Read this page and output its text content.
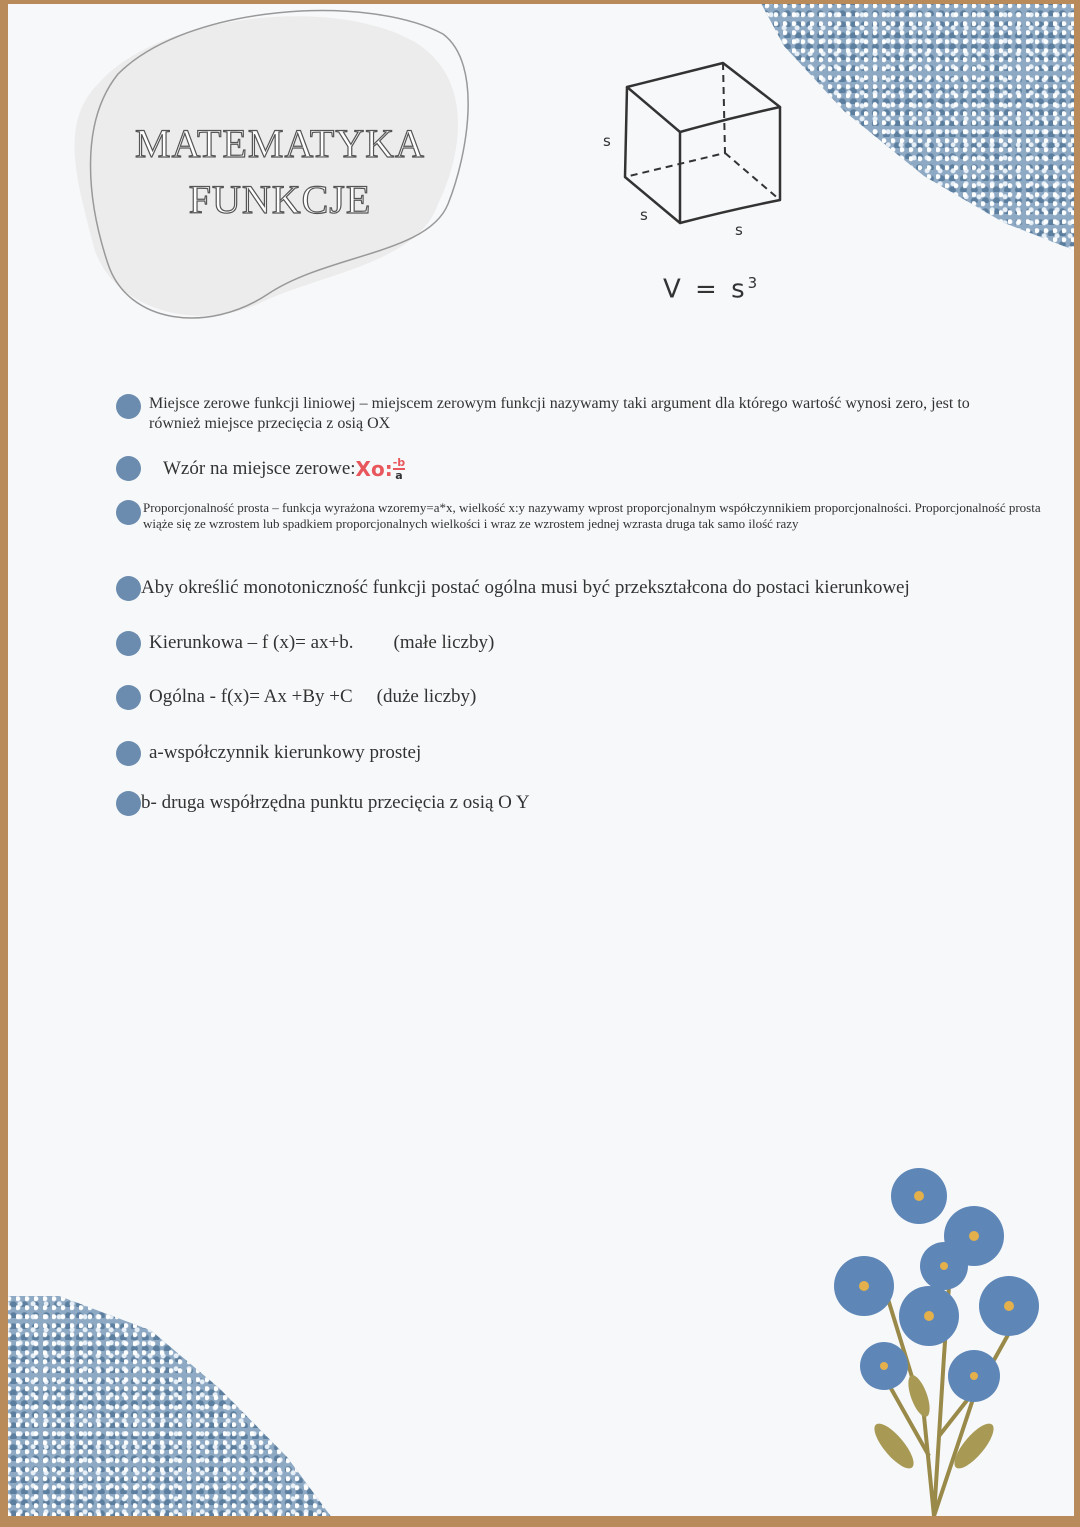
MATEMATYKA
FUNKCJE
s
s
s
$V = s^3$
Miejsce zerowe funkcji liniowej – miejscem zerowym funkcji nazywamy taki argument dla którego wartość wynosi zero, jest to również miejsce przecięcia z osią OX
Wzór na miejsce zerowe: Xo: $\frac{-b}{a}$
Proporcjonalność prosta – funkcja wyrażona wzoremy=a*x, wielkość x:y nazywamy wprost proporcjonalnym współczynnikiem proporcjonalności. Proporcjonalność prosta wiąże się ze wzrostem lub spadkiem proporcjonalnych wielkości i wraz ze wzrostem jednej wzrasta druga tak samo ilość razy
Aby określić monotoniczność funkcji postać ogólna musi być przekształcona do postaci kierunkowej
Kierunkowa – f (x)= ax+b. (małe liczby)
Ogólna - f(x)= Ax +By +C (duże liczby)
a-współczynnik kierunkowy prostej
b- druga współrzędna punktu przecięcia z osią O Y
